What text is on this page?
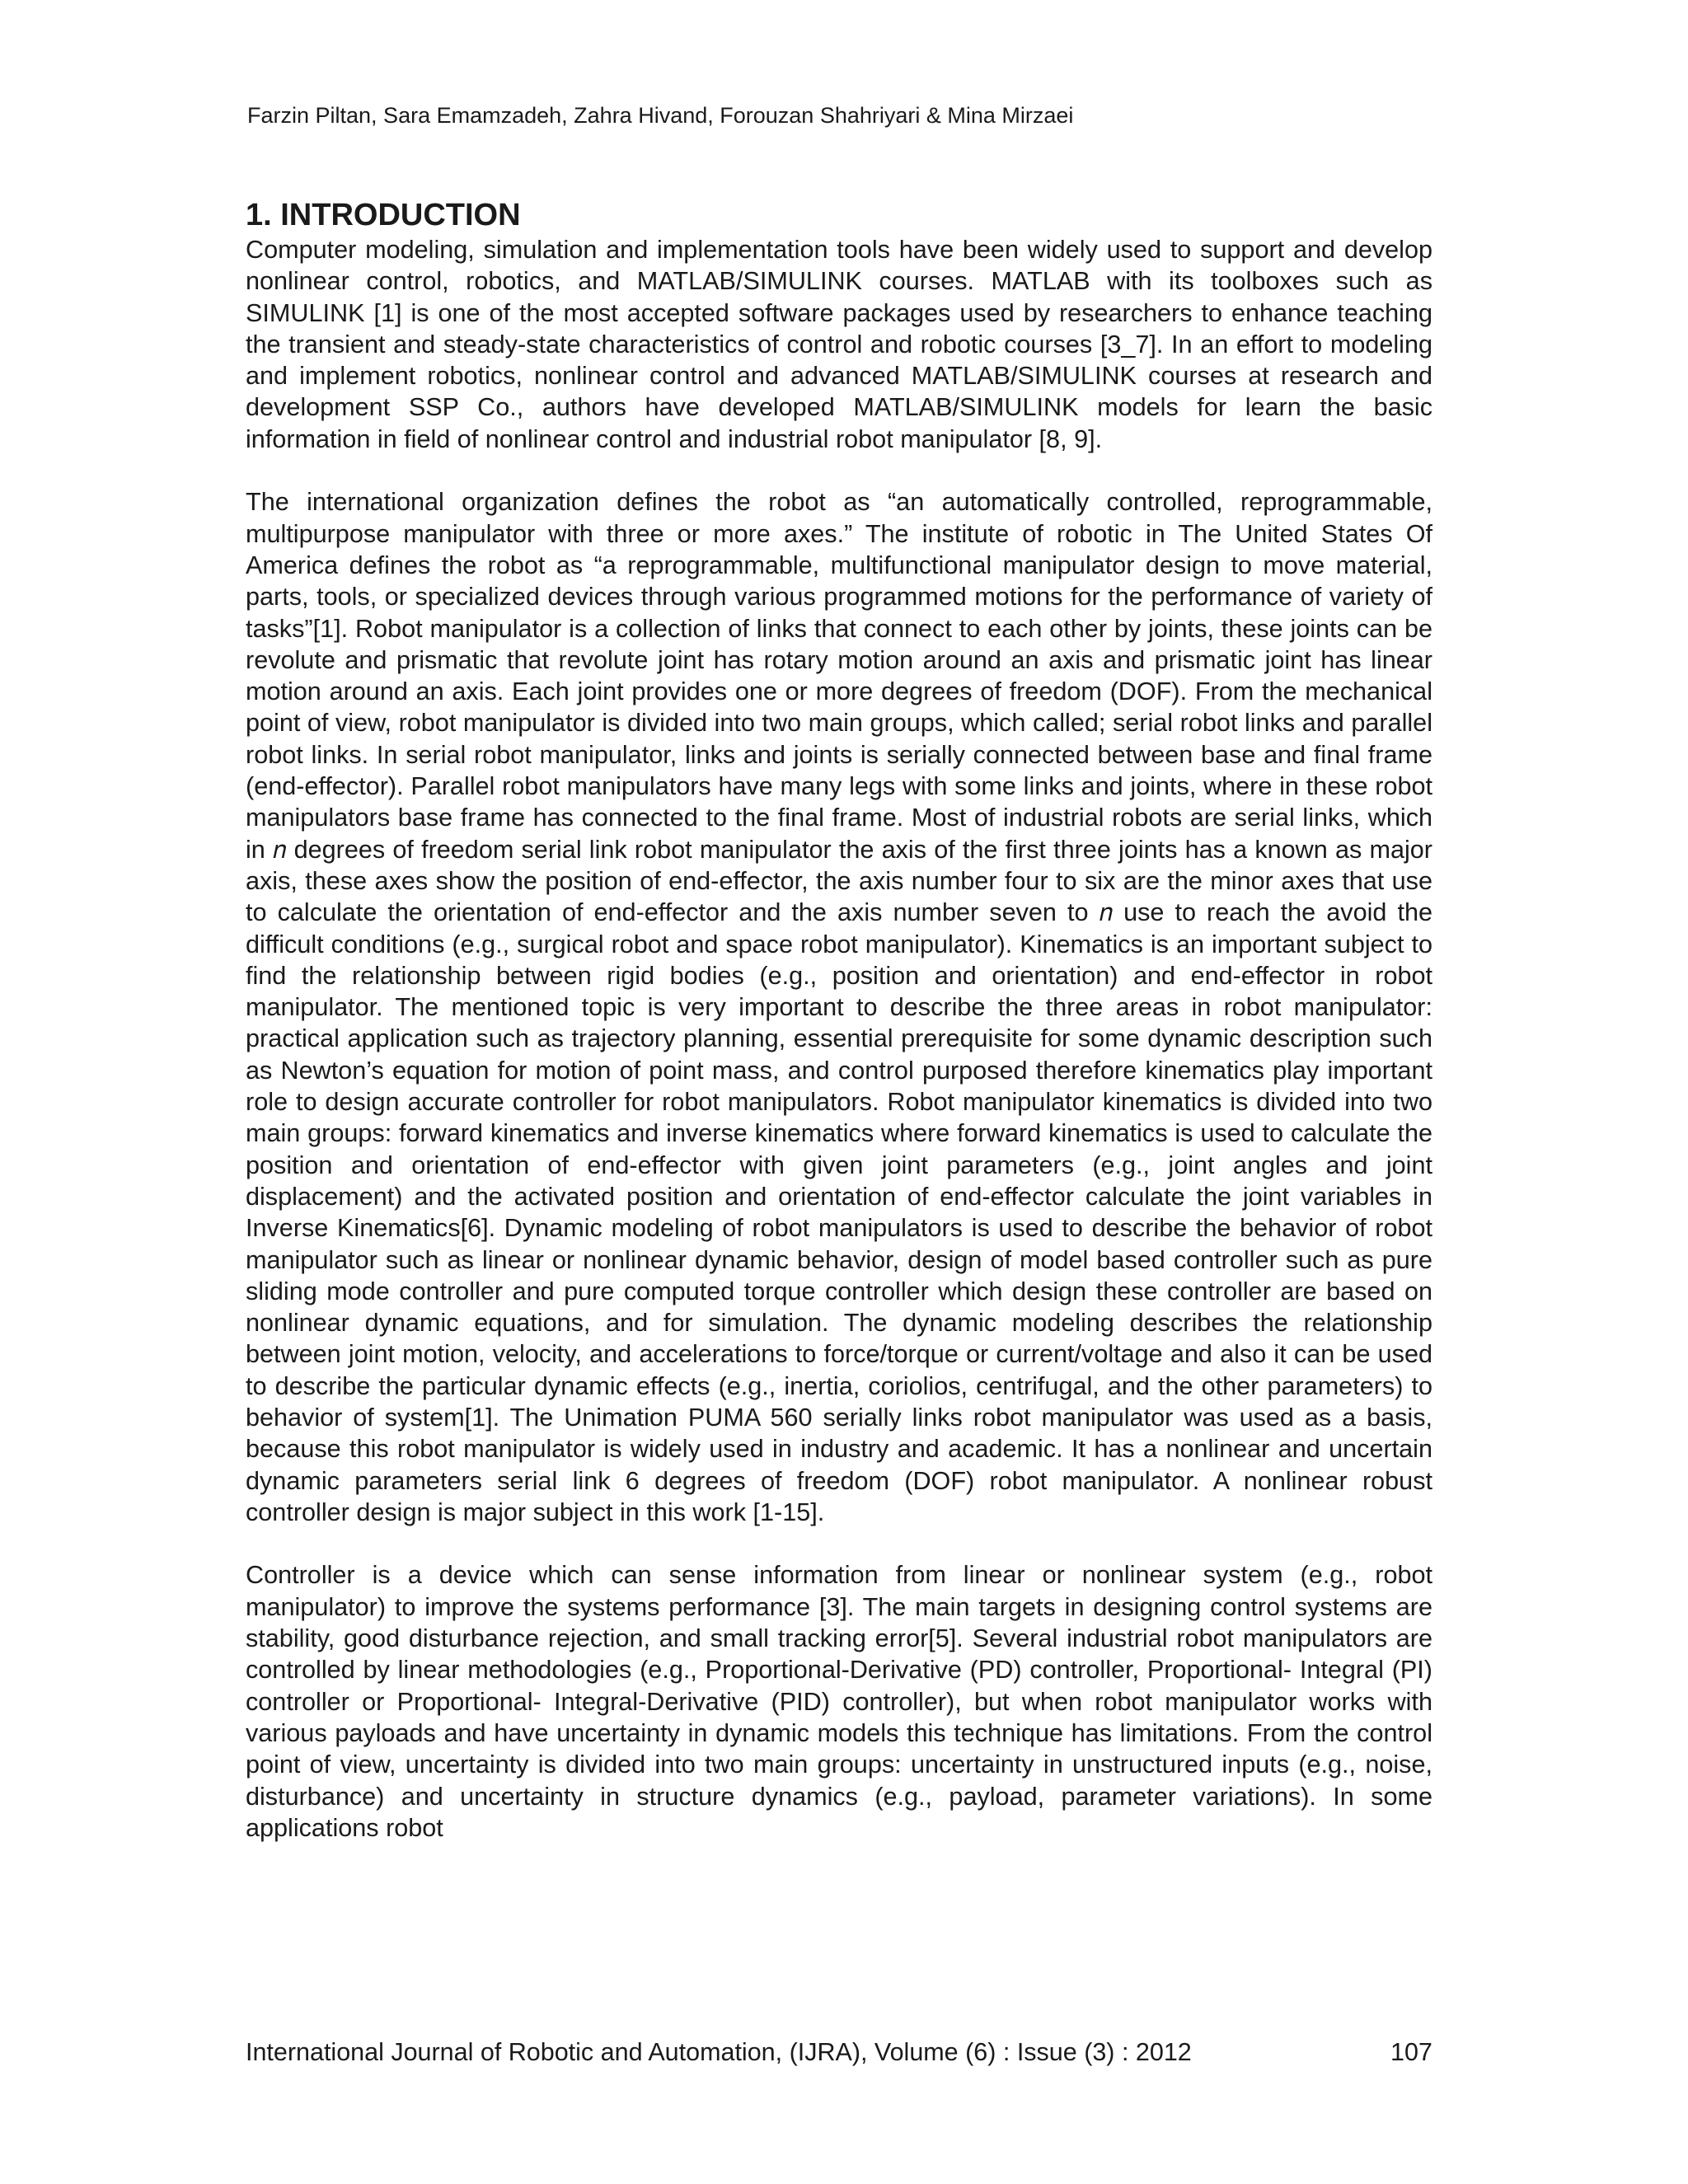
Farzin Piltan, Sara Emamzadeh, Zahra Hivand, Forouzan Shahriyari & Mina Mirzaei
1. INTRODUCTION

Computer modeling, simulation and implementation tools have been widely used to support and develop nonlinear control, robotics, and MATLAB/SIMULINK courses. MATLAB with its toolboxes such as SIMULINK [1] is one of the most accepted software packages used by researchers to enhance teaching the transient and steady-state characteristics of control and robotic courses [3_7]. In an effort to modeling and implement robotics, nonlinear control and advanced MATLAB/SIMULINK courses at research and development SSP Co., authors have developed MATLAB/SIMULINK models for learn the basic information in field of nonlinear control and industrial robot manipulator [8, 9].

The international organization defines the robot as “an automatically controlled, reprogrammable, multipurpose manipulator with three or more axes.” The institute of robotic in The United States Of America defines the robot as “a reprogrammable, multifunctional manipulator design to move material, parts, tools, or specialized devices through various programmed motions for the performance of variety of tasks”[1]. Robot manipulator is a collection of links that connect to each other by joints, these joints can be revolute and prismatic that revolute joint has rotary motion around an axis and prismatic joint has linear motion around an axis. Each joint provides one or more degrees of freedom (DOF). From the mechanical point of view, robot manipulator is divided into two main groups, which called; serial robot links and parallel robot links. In serial robot manipulator, links and joints is serially connected between base and final frame (end-effector). Parallel robot manipulators have many legs with some links and joints, where in these robot manipulators base frame has connected to the final frame. Most of industrial robots are serial links, which in 𝑛 degrees of freedom serial link robot manipulator the axis of the first three joints has a known as major axis, these axes show the position of end-effector, the axis number four to six are the minor axes that use to calculate the orientation of end-effector and the axis number seven to 𝑛 use to reach the avoid the difficult conditions (e.g., surgical robot and space robot manipulator). Kinematics is an important subject to find the relationship between rigid bodies (e.g., position and orientation) and end-effector in robot manipulator. The mentioned topic is very important to describe the three areas in robot manipulator: practical application such as trajectory planning, essential prerequisite for some dynamic description such as Newton’s equation for motion of point mass, and control purposed therefore kinematics play important role to design accurate controller for robot manipulators. Robot manipulator kinematics is divided into two main groups: forward kinematics and inverse kinematics where forward kinematics is used to calculate the position and orientation of end-effector with given joint parameters (e.g., joint angles and joint displacement) and the activated position and orientation of end-effector calculate the joint variables in Inverse Kinematics[6]. Dynamic modeling of robot manipulators is used to describe the behavior of robot manipulator such as linear or nonlinear dynamic behavior, design of model based controller such as pure sliding mode controller and pure computed torque controller which design these controller are based on nonlinear dynamic equations, and for simulation. The dynamic modeling describes the relationship between joint motion, velocity, and accelerations to force/torque or current/voltage and also it can be used to describe the particular dynamic effects (e.g., inertia, coriolios, centrifugal, and the other parameters) to behavior of system[1]. The Unimation PUMA 560 serially links robot manipulator was used as a basis, because this robot manipulator is widely used in industry and academic. It has a nonlinear and uncertain dynamic parameters serial link 6 degrees of freedom (DOF) robot manipulator. A nonlinear robust controller design is major subject in this work [1-15].

Controller is a device which can sense information from linear or nonlinear system (e.g., robot manipulator) to improve the systems performance [3]. The main targets in designing control systems are stability, good disturbance rejection, and small tracking error[5]. Several industrial robot manipulators are controlled by linear methodologies (e.g., Proportional-Derivative (PD) controller, Proportional- Integral (PI) controller or Proportional- Integral-Derivative (PID) controller), but when robot manipulator works with various payloads and have uncertainty in dynamic models this technique has limitations. From the control point of view, uncertainty is divided into two main groups: uncertainty in unstructured inputs (e.g., noise, disturbance) and uncertainty in structure dynamics (e.g., payload, parameter variations). In some applications robot

International Journal of Robotic and Automation, (IJRA), Volume (6) : Issue (3) : 2012	107
